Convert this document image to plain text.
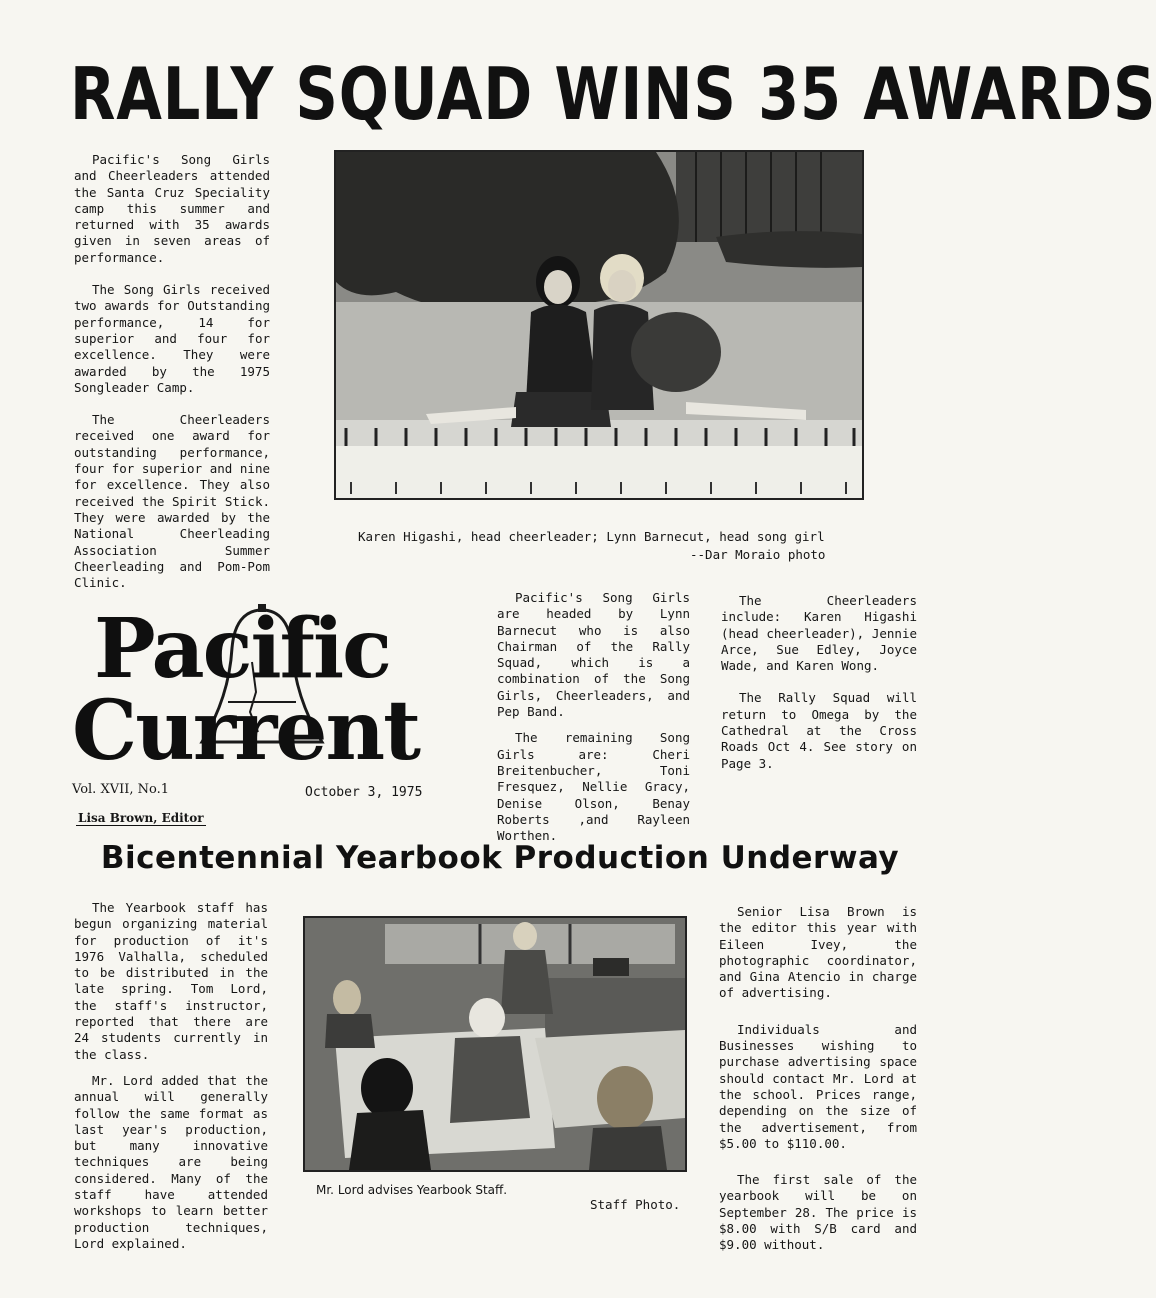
RALLY SQUAD WINS 35 AWARDS

Pacific's Song Girls and Cheerleaders attended the Santa Cruz Speciality camp this summer and returned with 35 awards given in seven areas of performance.

The Song Girls received two awards for Outstanding performance, 14 for superior and four for excellence. They were awarded by the 1975 Songleader Camp.

The Cheerleaders received one award for outstanding performance, four for superior and nine for excellence. They also received the Spirit Stick. They were awarded by the National Cheerleading Association Summer Cheerleading and Pom-Pom Clinic.

Karen Higashi, head cheerleader; Lynn Barnecut, head song girl
--Dar Moraio photo
Pacific
Current
Vol. XVII, No.1	October 3, 1975
Lisa Brown, Editor

Pacific's Song Girls are headed by Lynn Barnecut who is also Chairman of the Rally Squad, which is a combination of the Song Girls, Cheerleaders, and Pep Band.

The remaining Song Girls are: Cheri Breitenbucher, Toni Fresquez, Nellie Gracy, Denise Olson, Benay Roberts ,and Rayleen Worthen.

The Cheerleaders include: Karen Higashi (head cheerleader), Jennie Arce, Sue Edley, Joyce Wade, and Karen Wong.

The Rally Squad will return to Omega by the Cathedral at the Cross Roads Oct 4. See story on Page 3.

Bicentennial Yearbook Production Underway

The Yearbook staff has begun organizing material for production of it's 1976 Valhalla, scheduled to be distributed in the late spring. Tom Lord, the staff's instructor, reported that there are 24 students currently in the class.

Mr. Lord added that the annual will generally follow the same format as last year's production, but many innovative techniques are being considered. Many of the staff have attended workshops to learn better production techniques, Lord explained.

Mr. Lord advises Yearbook Staff.
Staff Photo.

Senior Lisa Brown is the editor this year with Eileen Ivey, the photographic coordinator, and Gina Atencio in charge of advertising.

Individuals and Businesses wishing to purchase advertising space should contact Mr. Lord at the school. Prices range, depending on the size of the advertisement, from $5.00 to $110.00.

The first sale of the yearbook will be on September 28. The price is $8.00 with S/B card and $9.00 without.
